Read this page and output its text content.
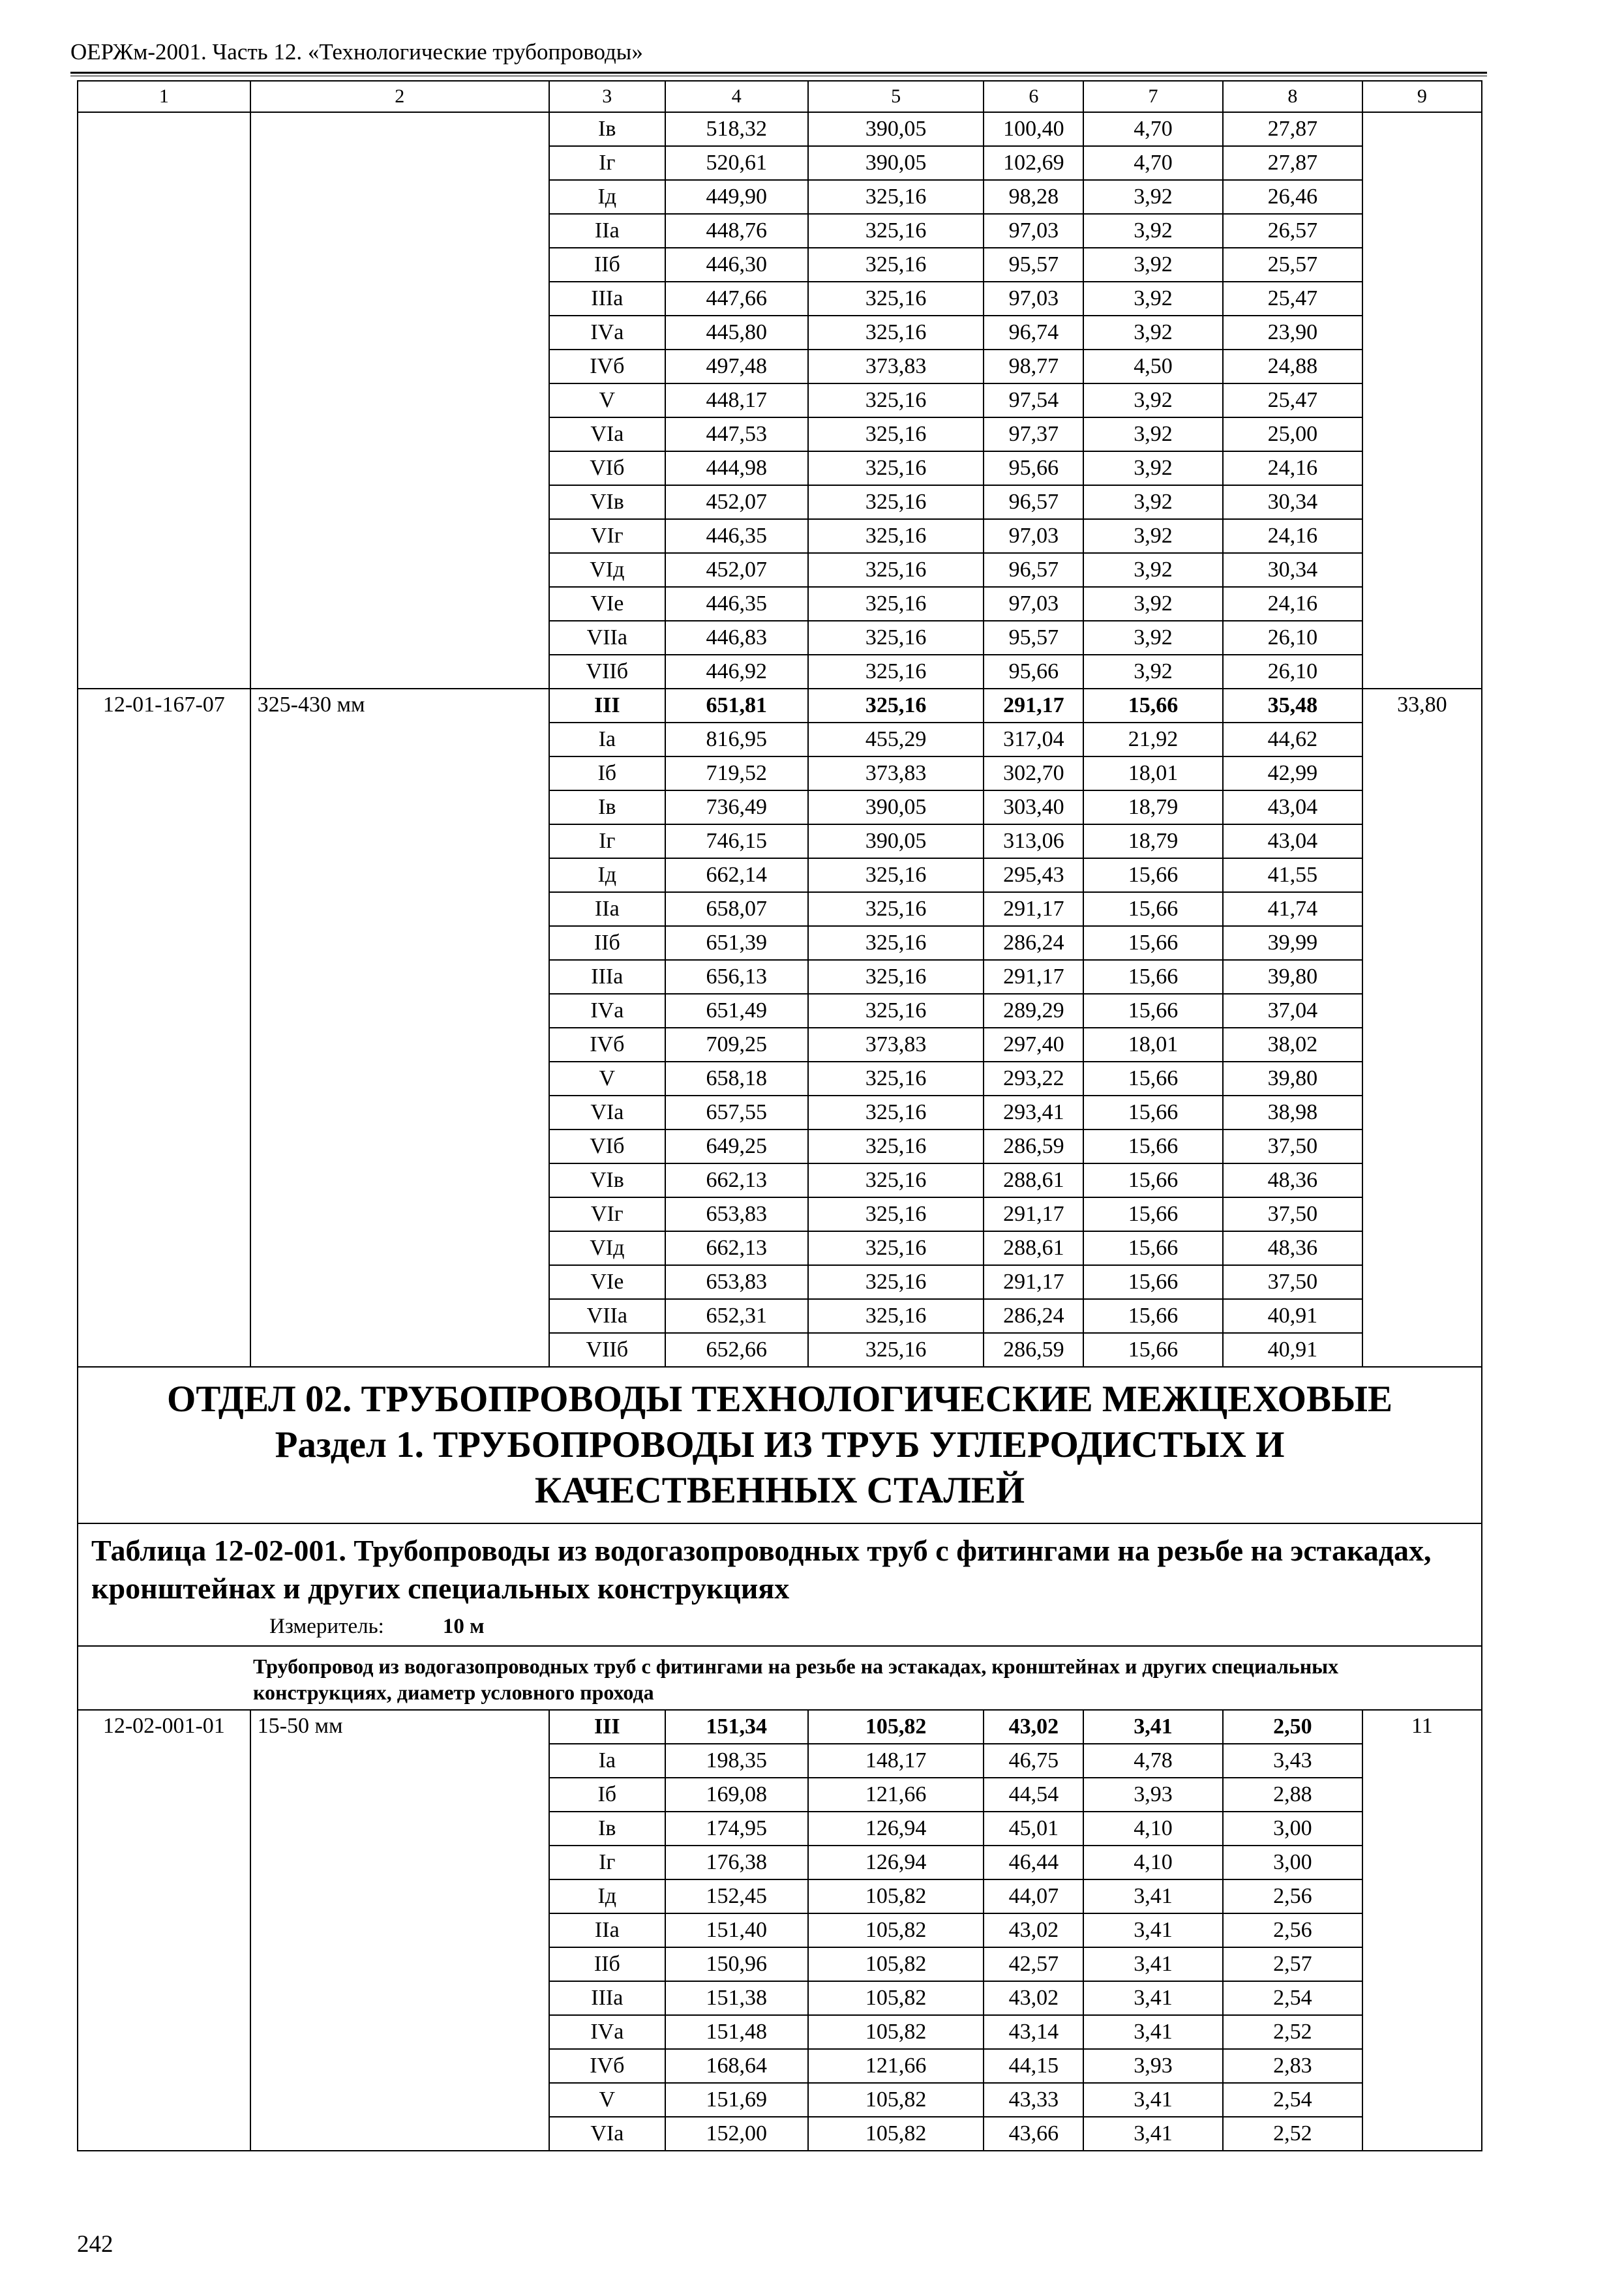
ОЕРЖм-2001. Часть 12. «Технологические трубопроводы»
1	2	3	4	5	6	7	8	9
		Iв	518,32	390,05	100,40	4,70	27,87	
		Iг	520,61	390,05	102,69	4,70	27,87	
		Iд	449,90	325,16	98,28	3,92	26,46	
		IIа	448,76	325,16	97,03	3,92	26,57	
		IIб	446,30	325,16	95,57	3,92	25,57	
		IIIа	447,66	325,16	97,03	3,92	25,47	
		IVа	445,80	325,16	96,74	3,92	23,90	
		IVб	497,48	373,83	98,77	4,50	24,88	
		V	448,17	325,16	97,54	3,92	25,47	
		VIа	447,53	325,16	97,37	3,92	25,00	
		VIб	444,98	325,16	95,66	3,92	24,16	
		VIв	452,07	325,16	96,57	3,92	30,34	
		VIг	446,35	325,16	97,03	3,92	24,16	
		VIд	452,07	325,16	96,57	3,92	30,34	
		VIе	446,35	325,16	97,03	3,92	24,16	
		VIIа	446,83	325,16	95,57	3,92	26,10	
		VIIб	446,92	325,16	95,66	3,92	26,10	
12-01-167-07	325-430 мм	III	651,81	325,16	291,17	15,66	35,48	33,80
		Iа	816,95	455,29	317,04	21,92	44,62	
		Iб	719,52	373,83	302,70	18,01	42,99	
		Iв	736,49	390,05	303,40	18,79	43,04	
		Iг	746,15	390,05	313,06	18,79	43,04	
		Iд	662,14	325,16	295,43	15,66	41,55	
		IIа	658,07	325,16	291,17	15,66	41,74	
		IIб	651,39	325,16	286,24	15,66	39,99	
		IIIа	656,13	325,16	291,17	15,66	39,80	
		IVа	651,49	325,16	289,29	15,66	37,04	
		IVб	709,25	373,83	297,40	18,01	38,02	
		V	658,18	325,16	293,22	15,66	39,80	
		VIа	657,55	325,16	293,41	15,66	38,98	
		VIб	649,25	325,16	286,59	15,66	37,50	
		VIв	662,13	325,16	288,61	15,66	48,36	
		VIг	653,83	325,16	291,17	15,66	37,50	
		VIд	662,13	325,16	288,61	15,66	48,36	
		VIе	653,83	325,16	291,17	15,66	37,50	
		VIIа	652,31	325,16	286,24	15,66	40,91	
		VIIб	652,66	325,16	286,59	15,66	40,91	

ОТДЕЛ 02. ТРУБОПРОВОДЫ ТЕХНОЛОГИЧЕСКИЕ МЕЖЦЕХОВЫЕ
Раздел 1. ТРУБОПРОВОДЫ ИЗ ТРУБ УГЛЕРОДИСТЫХ И
КАЧЕСТВЕННЫХ СТАЛЕЙ								

Таблица 12-02-001. Трубопроводы из водогазопроводных труб с фитингами на резьбе на эстакадах, кронштейнах и других специальных конструкциях
Измеритель: 10 м								

Трубопровод из водогазопроводных труб с фитингами на резьбе на эстакадах, кронштейнах и других специальных конструкциях, диаметр условного прохода								
12-02-001-01	15-50 мм	III	151,34	105,82	43,02	3,41	2,50	11
		Iа	198,35	148,17	46,75	4,78	3,43	
		Iб	169,08	121,66	44,54	3,93	2,88	
		Iв	174,95	126,94	45,01	4,10	3,00	
		Iг	176,38	126,94	46,44	4,10	3,00	
		Iд	152,45	105,82	44,07	3,41	2,56	
		IIа	151,40	105,82	43,02	3,41	2,56	
		IIб	150,96	105,82	42,57	3,41	2,57	
		IIIа	151,38	105,82	43,02	3,41	2,54	
		IVа	151,48	105,82	43,14	3,41	2,52	
		IVб	168,64	121,66	44,15	3,93	2,83	
		V	151,69	105,82	43,33	3,41	2,54	
		VIа	152,00	105,82	43,66	3,41	2,52	
242
